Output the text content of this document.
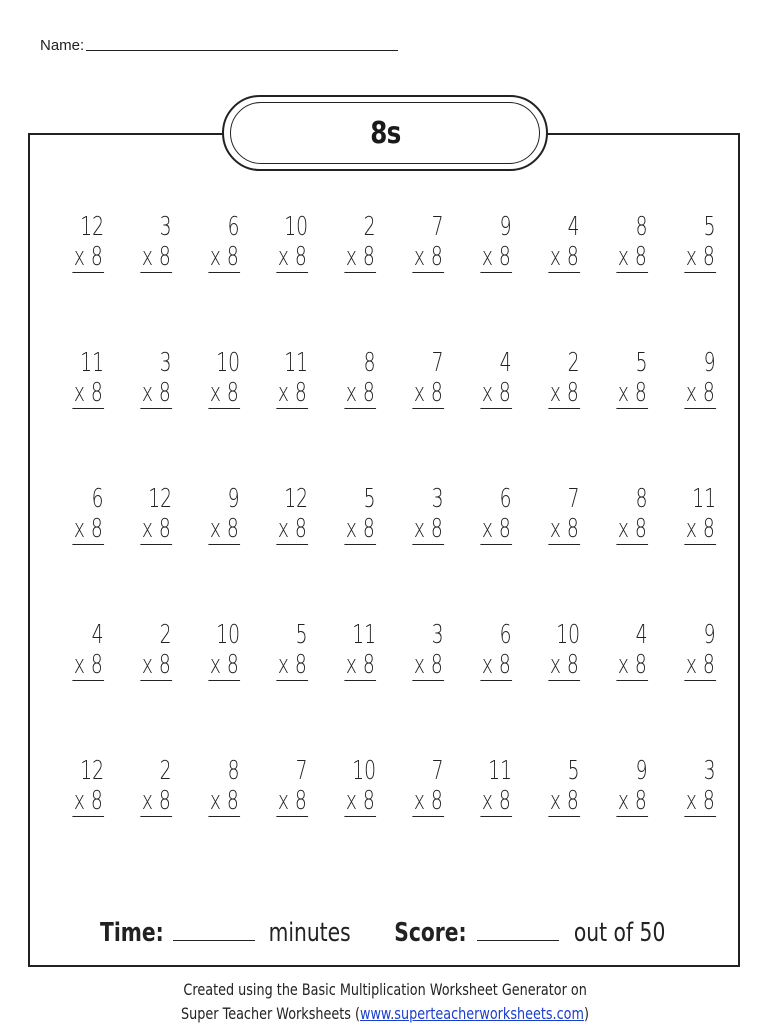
Name:
8s
12
x 8
3
x 8
6
x 8
10
x 8
2
x 8
7
x 8
9
x 8
4
x 8
8
x 8
5
x 8
11
x 8
3
x 8
10
x 8
11
x 8
8
x 8
7
x 8
4
x 8
2
x 8
5
x 8
9
x 8
6
x 8
12
x 8
9
x 8
12
x 8
5
x 8
3
x 8
6
x 8
7
x 8
8
x 8
11
x 8
4
x 8
2
x 8
10
x 8
5
x 8
11
x 8
3
x 8
6
x 8
10
x 8
4
x 8
9
x 8
12
x 8
2
x 8
8
x 8
7
x 8
10
x 8
7
x 8
11
x 8
5
x 8
9
x 8
3
x 8
Time:	minutes Score:	out of 50
Created using the Basic Multiplication Worksheet Generator on
Super Teacher Worksheets (www.superteacherworksheets.com)
